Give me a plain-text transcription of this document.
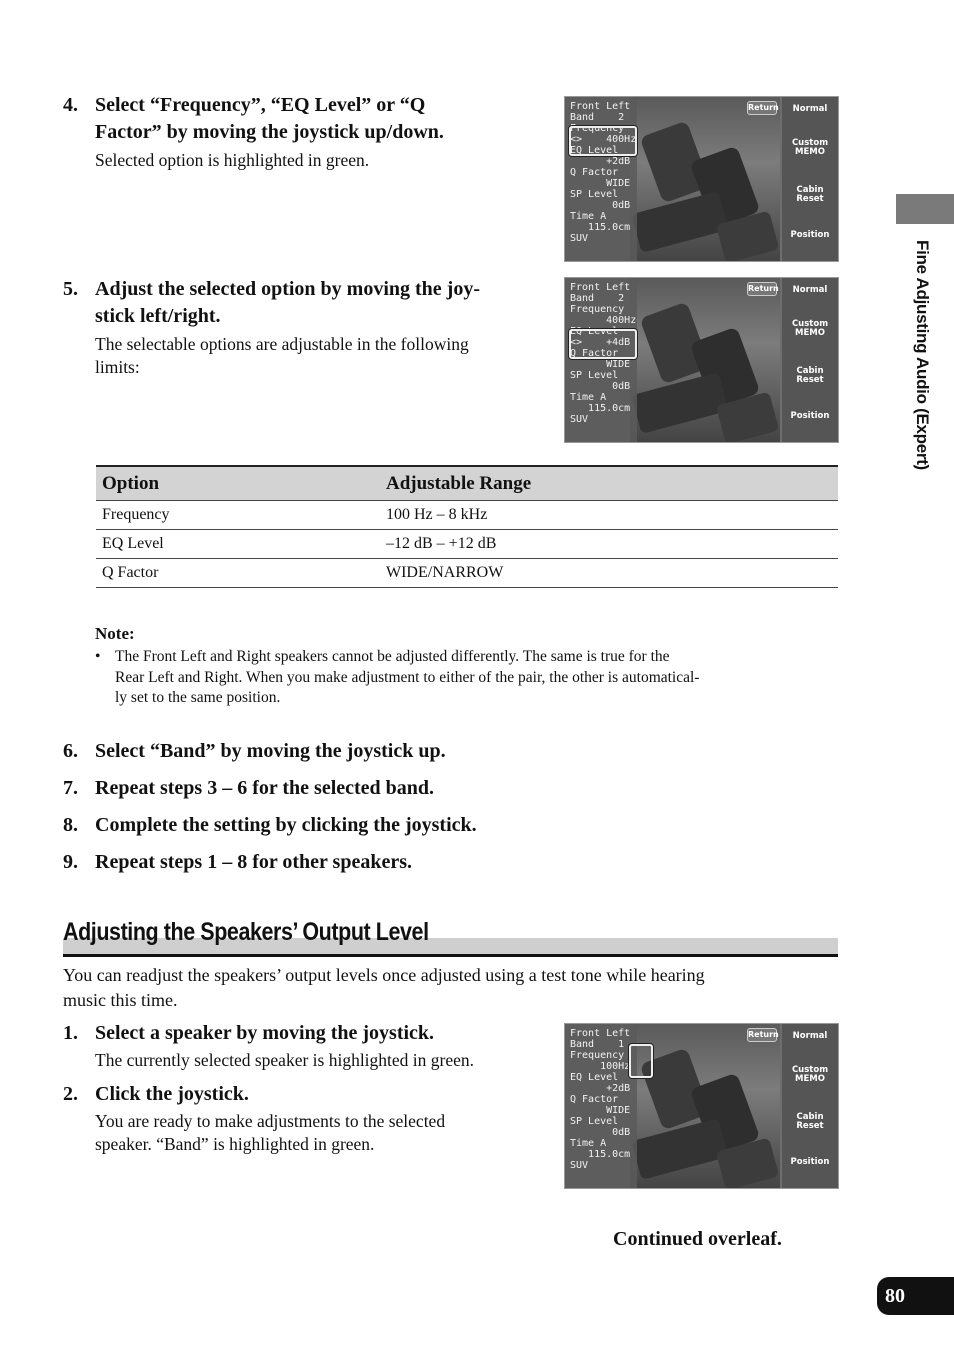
4. Select “Frequency”, “EQ Level” or “Q
Factor” by moving the joystick up/down.
Selected option is highlighted in green.
5. Adjust the selected option by moving the joy-
stick left/right.
The selectable options are adjustable in the following
limits:
Front Left
Band    2
Frequency
<>    400Hz
EQ Level
+2dB
Q Factor
WIDE
SP Level
0dB
Time A
115.0cm
SUV
Return	Normal
Custom MEMO
Cabin Reset
Position
Front Left
Band    2
Frequency
400Hz
EQ Level
<>    +4dB
Q Factor
WIDE
SP Level
0dB
Time A
115.0cm
SUV
Return	Normal
Custom MEMO
Cabin Reset
Position
Option	Adjustable Range
Frequency	100 Hz – 8 kHz
EQ Level	–12 dB – +12 dB
Q Factor	WIDE/NARROW
Note:
• The Front Left and Right speakers cannot be adjusted differently. The same is true for the
Rear Left and Right. When you make adjustment to either of the pair, the other is automatical-
ly set to the same position.
6. Select “Band” by moving the joystick up.
7. Repeat steps 3 – 6 for the selected band.
8. Complete the setting by clicking the joystick.
9. Repeat steps 1 – 8 for other speakers.
Adjusting the Speakers’ Output Level
You can readjust the speakers’ output levels once adjusted using a test tone while hearing
music this time.
1. Select a speaker by moving the joystick.
The currently selected speaker is highlighted in green.
2. Click the joystick.
You are ready to make adjustments to the selected
speaker. “Band” is highlighted in green.
Front Left
Band    1
Frequency
100Hz
EQ Level
+2dB
Q Factor
WIDE
SP Level
0dB
Time A
115.0cm
SUV
Return	Normal
Custom MEMO
Cabin Reset
Position
Continued overleaf.
Fine Adjusting Audio (Expert)
80
